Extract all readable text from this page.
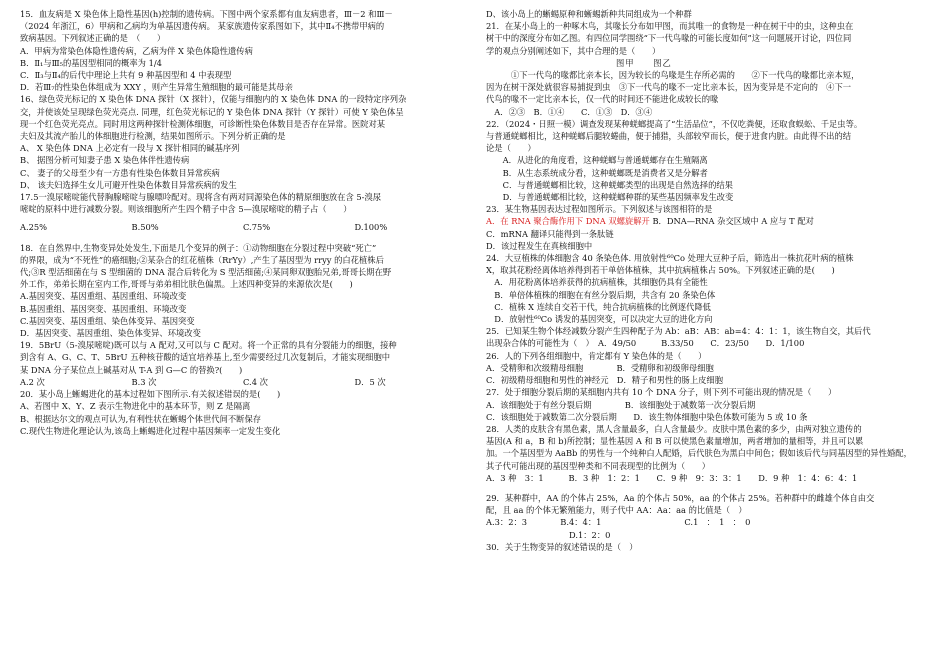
15．血友病是 X 染色体上隐性基因(h)控制的遗传病。下图中两个家系都有血友病患者，Ⅲ－2 和Ⅲ－

（2024 年浙江，6）甲病和乙病均为单基因遗传病。 某家族遗传家系图如下，其中Ⅱ₄不携带甲病的

致病基因。下列叙述正确的是　（　　）

A．甲病为常染色体隐性遗传病，乙病为伴 X 染色体隐性遗传病

B．Ⅱ₁与Ⅲ₅的基因型相同的概率为 1/4

C．Ⅱ₃与Ⅱ₄的后代中理论上共有 9 种基因型和 4 中表现型

D．若Ⅲ₇的性染色体组成为 XXY ，则产生异常生殖细胞的最可能是其母亲

16、绿色荧光标记的 X 染色体 DNA 探针（X 探针），仅能与细胞内的 X 染色体 DNA 的一段特定序列杂

交，并使该处呈现绿色荧光亮点. 同理，红色荧光标记的 Y 染色体 DNA 探针（Y 探针）可使 Y 染色体呈

现一个红色荧光亮点。同时用这两种探针检测体细胞，可诊断性染色体数目是否存在异常。医院对某

夫妇及其流产胎儿的体细胞进行检测，结果如图所示。下列分析正确的是

A、 X 染色体 DNA 上必定有一段与 X 探针相同的碱基序列

B、 据图分析可知妻子患 X 染色体伴性遗传病

C、 妻子的父母至少有一方患有性染色体数目异常疾病

D、 该夫妇选择生女儿可避开性染色体数目异常疾病的发生

17.5一溴尿嘧啶能代替胸腺嘧啶与腺嘌呤配对。现将含有两对同源染色体的精原细胞放在含 5-溴尿

嘧啶的原料中进行减数分裂。则该细胞所产生四个精子中含 5—溴尿嘧啶的精子占（　　）

A.25%	B.50%	C.75%	D.100%

18．在自然界中,生物变异处处发生,下面是几个变异的例子：①动物细胞在分裂过程中突破“死亡”

的界限，成为“不死性”的癌细胞;②某杂合的红花植株（RrYy）,产生了基因型为 rryy 的白花植株后

代;③R 型活细菌在与 S 型细菌的 DNA 混合后转化为 S 型活细菌;④某同卵双胞胎兄弟,哥哥长期在野

外工作，弟弟长期在室内工作,哥哥与弟弟相比肤色偏黑。上述四种变异的来源依次是(　　)

A.基因突变、基因重组、基因重组、环境改变

B.基因重组、基因突变、基因重组、环境改变

C.基因突变、基因重组、染色体变异、基因突变

D．基因突变、基因重组、染色体变异、环境改变

19．5BrU（5-溴尿嘧啶)既可以与 A 配对,又可以与 C 配对。将一个正常的具有分裂能力的细胞，接种

到含有 A、G、C、T、5BrU 五种核苷酸的适宜培养基上,至少需要经过几次复制后，才能实现细胞中

某 DNA 分子某位点上碱基对从 T-A 到 G—C 的替换?(　　)

A.2 次	B.3 次	C.4 次	D．5 次

20．某小岛上蜥蜴进化的基本过程如下图所示.有关叙述错误的是(　　)

A、若图中 X、Y、Z 表示生物进化中的基本环节，则 Z 是隔离

B、根据达尔文的观点可认为,有利性状在蜥蜴个体世代间不断保存

C.现代生物进化理论认为,该岛上蜥蜴进化过程中基因频率一定发生变化

D、该小岛上的蜥蜴原种和蜥蜴新种共同组成为一个种群

21．在某小岛上的一种啄木鸟，其喙长分布如甲图，而其唯一的食物是一种在树干中的虫，这种虫在

树干中的深度分布如乙图。有四位同学围绕“下一代鸟喙的可能长度如何”这一问题展开讨论，四位同

学的观点分别阐述如下，其中合理的是（　　）

图甲　　图乙

　　　①下一代鸟的喙都比亲本长，因为较长的鸟喙是生存所必需的　　②下一代鸟的喙都比亲本短，

因为在树干深处就很容易捕捉到虫　③下一代鸟的喙不一定比亲本长，因为变异是不定向的　④下一

代鸟的喙不一定比亲本长，仅一代的时间还不能进化成较长的喙

　A．②③　B．①④　　C．①③　D．③④

22．（2024・日照一模）调查发现某种蜣螂提高了“生活品位”，不仅吃粪便，还取食蜈蚣、千足虫等。

与普通蜣螂相比，这种蜣螂后腿较蜷曲，便于捕猎，头部较窄而长，便于进食内脏。由此得不出的结

论是（　　）

　　A．从进化的角度看，这种蜣螂与普通蜣螂存在生殖隔离

　　B．从生态系统成分看，这种蜣螂既是消费者又是分解者

　　C．与普通蜣螂相比较，这种蜣螂类型的出现是自然选择的结果

　　D．与普通蜣螂相比较，这种蜣螂种群的某些基因频率发生改变

23．某生物基因表达过程如图所示。下列叙述与该图相符的是

A．在 RNA 聚合酶作用下 DNA 双螺旋解开 B．DNA—RNA 杂交区域中 A 应与 T 配对

C．mRNA 翻译只能得到一条肽链

D．该过程发生在真核细胞中

24．大豆植株的体细胞含 40 条染色体. 用放射性⁶⁰Co 处理大豆种子后，筛选出一株抗花叶病的植株

X，取其花粉经离体培养得到若干单倍体植株，其中抗病植株占 50%。下列叙述正确的是(　　)

　A．用花粉离体培养获得的抗病植株，其细胞仍具有全能性

　B．单倍体植株的细胞在有丝分裂后期，共含有 20 条染色体

　C．植株 X 连续自交若干代，纯合抗病植株的比例逐代降低

　D．放射性⁶⁰Co 诱发的基因突变，可以决定大豆的进化方向

25．已知某生物个体经减数分裂产生四种配子为 Ab：aB：AB：ab=4：4：1：1，该生物自交，其后代

出现杂合体的可能性为（　）　A．49/50　　　B.33/50　　C．23/50　　D．1/100

26．人的下列各组细胞中，肯定都有 Y 染色体的是（　　）

A．受精卵和次级精母细胞　　　　B．受精卵和初级卵母细胞

C．初级精母细胞和男性的神经元　D．精子和男性的肠上皮细胞

27．处于细胞分裂后期的某细胞内共有 10 个 DNA 分子，则下列不可能出现的情况是（　　）

A．该细胞处于有丝分裂后期　　　　B．该细胞处于减数第一次分裂后期

C．该细胞处于减数第二次分裂后期　　D．该生物体细胞中染色体数可能为 5 或 10 条

28．人类的皮肤含有黑色素，黑人含量最多，白人含量最少。皮肤中黑色素的多少，由两对独立遗传的

基因(A 和 a，B 和 b)所控制；显性基因 A 和 B 可以使黑色素量增加，两者增加的量相等，并且可以累

加。一个基因型为 AaBb 的男性与一个纯种白人配婚，后代肤色为黑白中间色；假如该后代与同基因型的异性婚配，

其子代可能出现的基因型种类和不同表现型的比例为（　　）

A．3 种　3：1　　　B．3 种　1：2：1　　C．9 种　9：3：3：1　　D．9 种　1：4：6：4：1

29．某种群中，AA 的个体占 25%，Aa 的个体占 50%，aa 的个体占 25%。若种群中的雌雄个体自由交

配，且 aa 的个体无繁殖能力，则子代中 AA：Aa：aa 的比值是（　）

A.3：2：3　　　　B.4：4：1　　　　　　　　　　C.1　：　1　：　0

　　　　　　　　　　D.1：2：0

30．关于生物变异的叙述错误的是（　）
